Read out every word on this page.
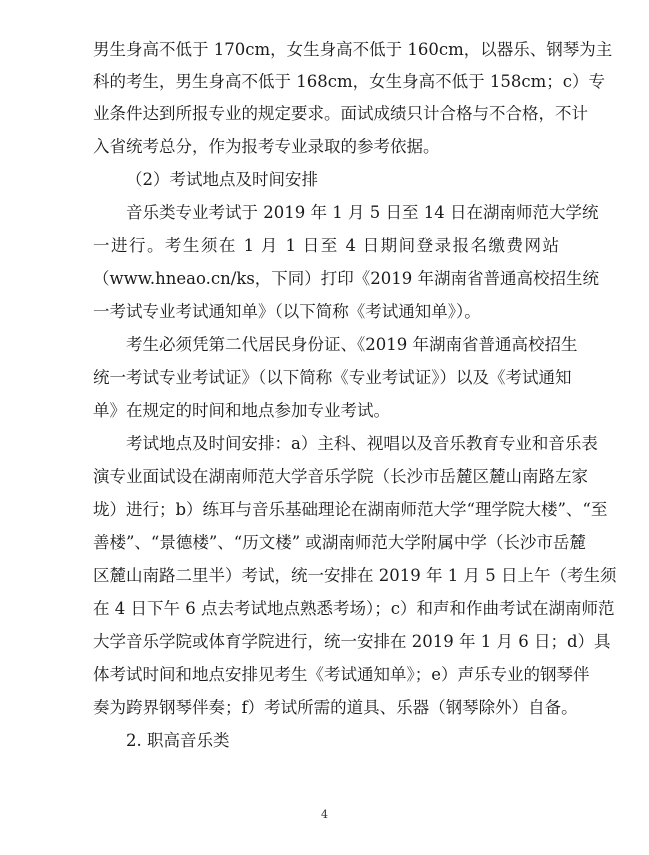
男生身高不低于 170cm，女生身高不低于 160cm，以器乐、钢琴为主
科的考生，男生身高不低于 168cm，女生身高不低于 158cm；c）专
业条件达到所报专业的规定要求。面试成绩只计合格与不合格，不计
入省统考总分，作为报考专业录取的参考依据。
（2）考试地点及时间安排
音乐类专业考试于 2019 年 1 月 5 日至 14 日在湖南师范大学统
一进行。考生须在 1 月 1 日至 4 日期间登录报名缴费网站
（www.hneao.cn/ks，下同）打印《2019 年湖南省普通高校招生统
一考试专业考试通知单》（以下简称《考试通知单》）。
考生必须凭第二代居民身份证、《2019 年湖南省普通高校招生
统一考试专业考试证》（以下简称《专业考试证》）以及《考试通知
单》在规定的时间和地点参加专业考试。
考试地点及时间安排：a）主科、视唱以及音乐教育专业和音乐表
演专业面试设在湖南师范大学音乐学院（长沙市岳麓区麓山南路左家
垅）进行；b）练耳与音乐基础理论在湖南师范大学“理学院大楼”、“至
善楼”、“景德楼”、“历文楼” 或湖南师范大学附属中学（长沙市岳麓
区麓山南路二里半）考试，统一安排在 2019 年 1 月 5 日上午（考生须
在 4 日下午 6 点去考试地点熟悉考场）；c）和声和作曲考试在湖南师范
大学音乐学院或体育学院进行，统一安排在 2019 年 1 月 6 日；d）具
体考试时间和地点安排见考生《考试通知单》；e）声乐专业的钢琴伴
奏为跨界钢琴伴奏；f）考试所需的道具、乐器（钢琴除外）自备。
2. 职高音乐类
4
